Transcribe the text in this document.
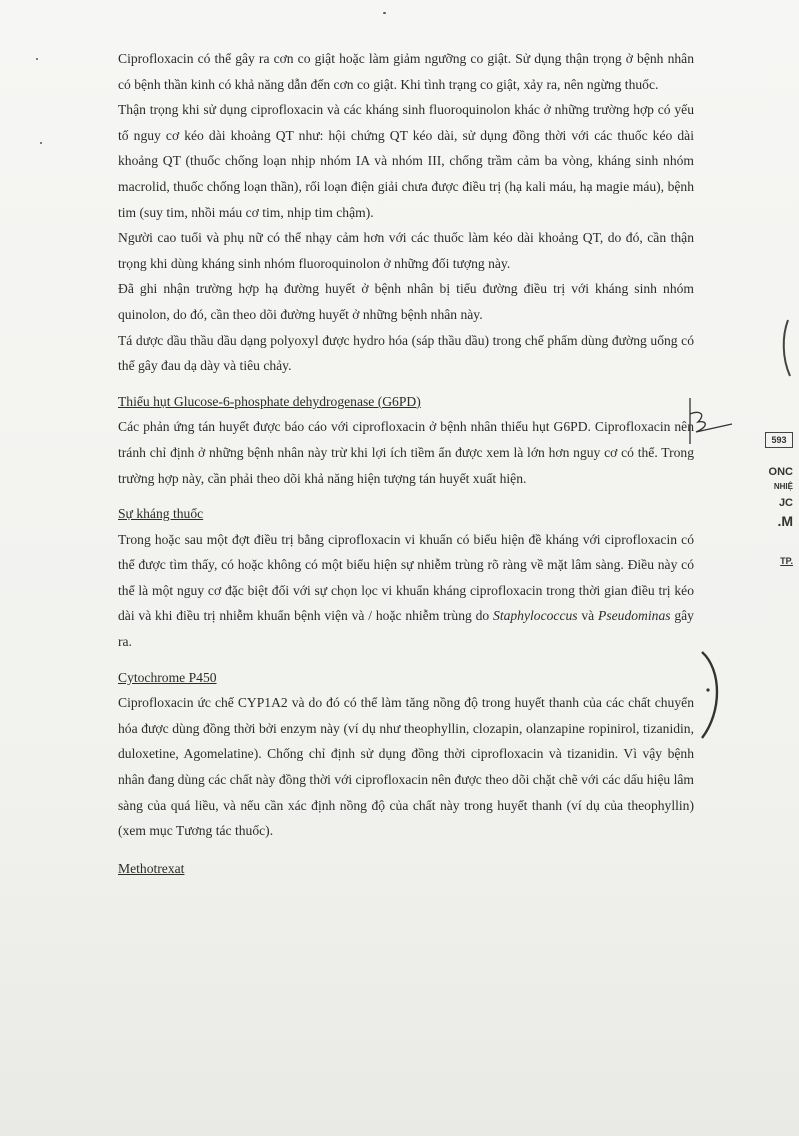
Ciprofloxacin có thể gây ra cơn co giật hoặc làm giảm ngưỡng co giật. Sử dụng thận trọng ở bệnh nhân có bệnh thần kinh có khả năng dẫn đến cơn co giật. Khi tình trạng co giật, xảy ra, nên ngừng thuốc.

Thận trọng khi sử dụng ciprofloxacin và các kháng sinh fluoroquinolon khác ở những trường hợp có yếu tố nguy cơ kéo dài khoảng QT như: hội chứng QT kéo dài, sử dụng đồng thời với các thuốc kéo dài khoảng QT (thuốc chống loạn nhịp nhóm IA và nhóm III, chống trầm cảm ba vòng, kháng sinh nhóm macrolid, thuốc chống loạn thần), rối loạn điện giải chưa được điều trị (hạ kali máu, hạ magie máu), bệnh tim (suy tim, nhồi máu cơ tim, nhịp tim chậm).

Người cao tuổi và phụ nữ có thể nhạy cảm hơn với các thuốc làm kéo dài khoảng QT, do đó, cần thận trọng khi dùng kháng sinh nhóm fluoroquinolon ở những đối tượng này.

Đã ghi nhận trường hợp hạ đường huyết ở bệnh nhân bị tiểu đường điều trị với kháng sinh nhóm quinolon, do đó, cần theo dõi đường huyết ở những bệnh nhân này.

Tá dược dầu thầu dầu dạng polyoxyl được hydro hóa (sáp thầu dầu) trong chế phẩm dùng đường uống có thể gây đau dạ dày và tiêu chảy.

Thiếu hụt Glucose-6-phosphate dehydrogenase (G6PD)

Các phản ứng tán huyết được báo cáo với ciprofloxacin ở bệnh nhân thiếu hụt G6PD. Ciprofloxacin nên tránh chỉ định ở những bệnh nhân này trừ khi lợi ích tiềm ẩn được xem là lớn hơn nguy cơ có thể. Trong trường hợp này, cần phải theo dõi khả năng hiện tượng tán huyết xuất hiện.

Sự kháng thuốc

Trong hoặc sau một đợt điều trị bằng ciprofloxacin vi khuẩn có biểu hiện đề kháng với ciprofloxacin có thể được tìm thấy, có hoặc không có một biểu hiện sự nhiễm trùng rõ ràng về mặt lâm sàng. Điều này có thể là một nguy cơ đặc biệt đối với sự chọn lọc vi khuẩn kháng ciprofloxacin trong thời gian điều trị kéo dài và khi điều trị nhiễm khuẩn bệnh viện và / hoặc nhiễm trùng do Staphylococcus và Pseudominas gây ra.

Cytochrome P450

Ciprofloxacin ức chế CYP1A2 và do đó có thể làm tăng nồng độ trong huyết thanh của các chất chuyển hóa được dùng đồng thời bởi enzym này (ví dụ như theophyllin, clozapin, olanzapine ropinirol, tizanidin, duloxetine, Agomelatine). Chống chỉ định sử dụng đồng thời ciprofloxacin và tizanidin. Vì vậy bệnh nhân đang dùng các chất này đồng thời với ciprofloxacin nên được theo dõi chặt chẽ với các dấu hiệu lâm sàng của quá liều, và nếu cần xác định nồng độ của chất này trong huyết thanh (ví dụ của theophyllin) (xem mục Tương tác thuốc).

Methotrexat
593
ONC
NHIỆ
JC
.M
TP.
